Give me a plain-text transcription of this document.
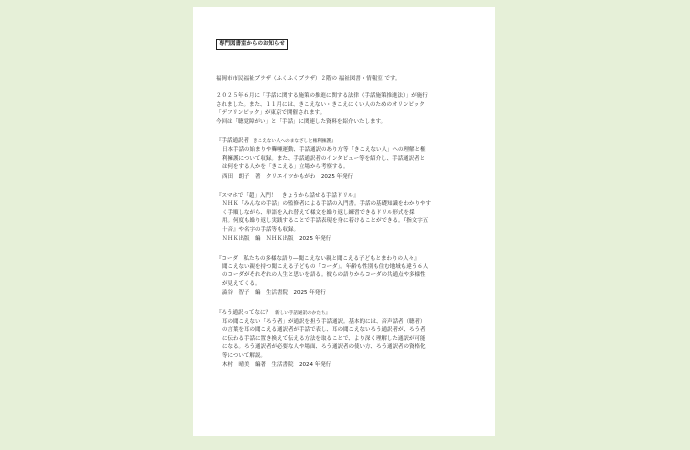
専門図書室からのお知らせ

福岡市市民福祉プラザ（ふくふくプラザ）２階の 福祉図書・情報室 です。

２０２５年６月に「手話に関する施策の推進に関する法律（手話施策推進法）」が施行

されました。また、１１月には、きこえない・きこえにくい人のためのオリンピック

「デフリンピック」が東京で開催されます。

今回は「聴覚障がい」と「手話」に関連した資料を紹介いたします。

『手話通訳者 きこえない人へのまなざしと権利擁護』

日本手話の始まりや聾唖運動、手話通訳のあり方等「きこえない人」への理解と権

利擁護について収録。また、手話通訳者のインタビュー等を紹介し、手話通訳者と

は何をする人かを「きこえる」立場から考察する。

西田　朗子　著　クリエイツかもがわ　2025 年発行

『スマホで「超」入門！　きょうから話せる手話ドリル』

ＮＨＫ「みんなの手話」の監修者による手話の入門書。手話の基礎知識をわかりやす

く手順しながら、単語を入れ替えて様文を繰り返し練習できるドリル形式を採

用。何度も繰り返し実践することで手話表現を身に着けることができる。『指文字五

十音』や名字の手話等も収録。

ＮＨＫ出版　編　ＮＨＫ出版　2025 年発行

『コーダ　私たちの多様な語り―聞こえない親と聞こえる子どもとまわりの人々』

聞こえない親を持つ聞こえる子どもの「コーダ」。年齢も性別も住む地域も違う６人

のコーダがそれぞれの人生と思いを語る。彼らの語りからコーダの共通点や多様性

が見えてくる。

澁谷　智子　編　生活書院　2025 年発行

『ろう通訳ってなに？ 新しい手話通訳のかたち』

耳の聞こえない「ろう者」が通訳を担う手話通訳。基本的には、音声話者（聴者）

の言葉を耳の聞こえる通訳者が手話で表し、耳の聞こえないろう通訳者が、ろう者

に伝わる手話に置き換えて伝える方法を取ることで、より深く理解した通訳が可能

になる。ろう通訳者が必要な人や場面、ろう通訳者の使い方、ろう通訳者の資格化

等について解説。

木村　晴美　編著　生活書院　2024 年発行
